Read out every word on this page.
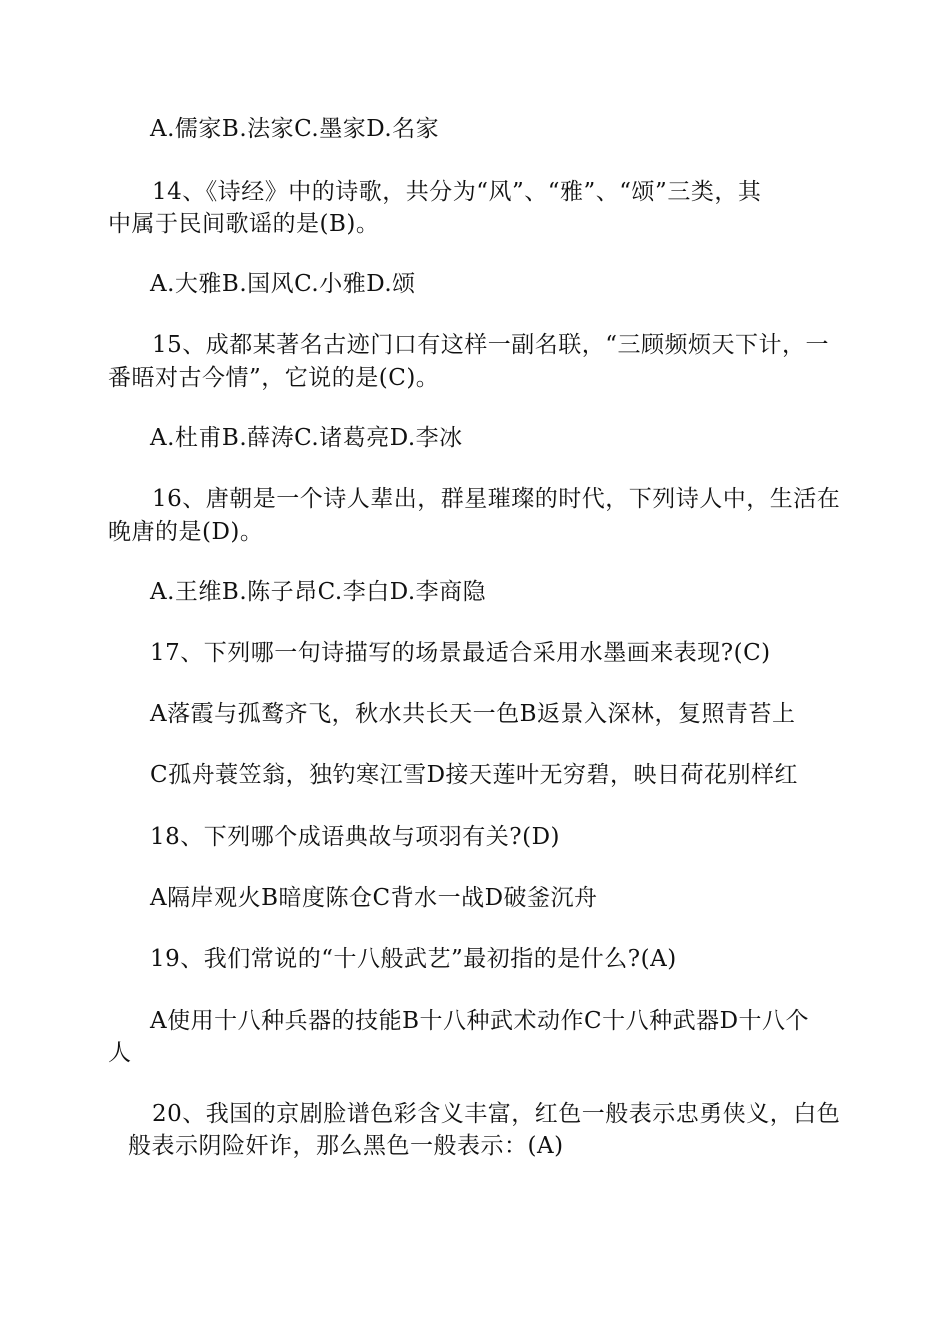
A.儒家B.法家C.墨家D.名家
14、《诗经》中的诗歌，共分为“风”、“雅”、“颂”三类，其
中属于民间歌谣的是(B)。
A.大雅B.国风C.小雅D.颂
15、成都某著名古迹门口有这样一副名联，“三顾频烦天下计，一
番晤对古今情”，它说的是(C)。
A.杜甫B.薛涛C.诸葛亮D.李冰
16、唐朝是一个诗人辈出，群星璀璨的时代，下列诗人中，生活在
晚唐的是(D)。
A.王维B.陈子昂C.李白D.李商隐
17、下列哪一句诗描写的场景最适合采用水墨画来表现?(C)
A落霞与孤鹜齐飞，秋水共长天一色B返景入深林，复照青苔上
C孤舟蓑笠翁，独钓寒江雪D接天莲叶无穷碧，映日荷花别样红
18、下列哪个成语典故与项羽有关?(D)
A隔岸观火B暗度陈仓C背水一战D破釜沉舟
19、我们常说的“十八般武艺”最初指的是什么?(A)
A使用十八种兵器的技能B十八种武术动作C十八种武器D十八个
人
20、我国的京剧脸谱色彩含义丰富，红色一般表示忠勇侠义，白色
般表示阴险奸诈，那么黑色一般表示：(A)
